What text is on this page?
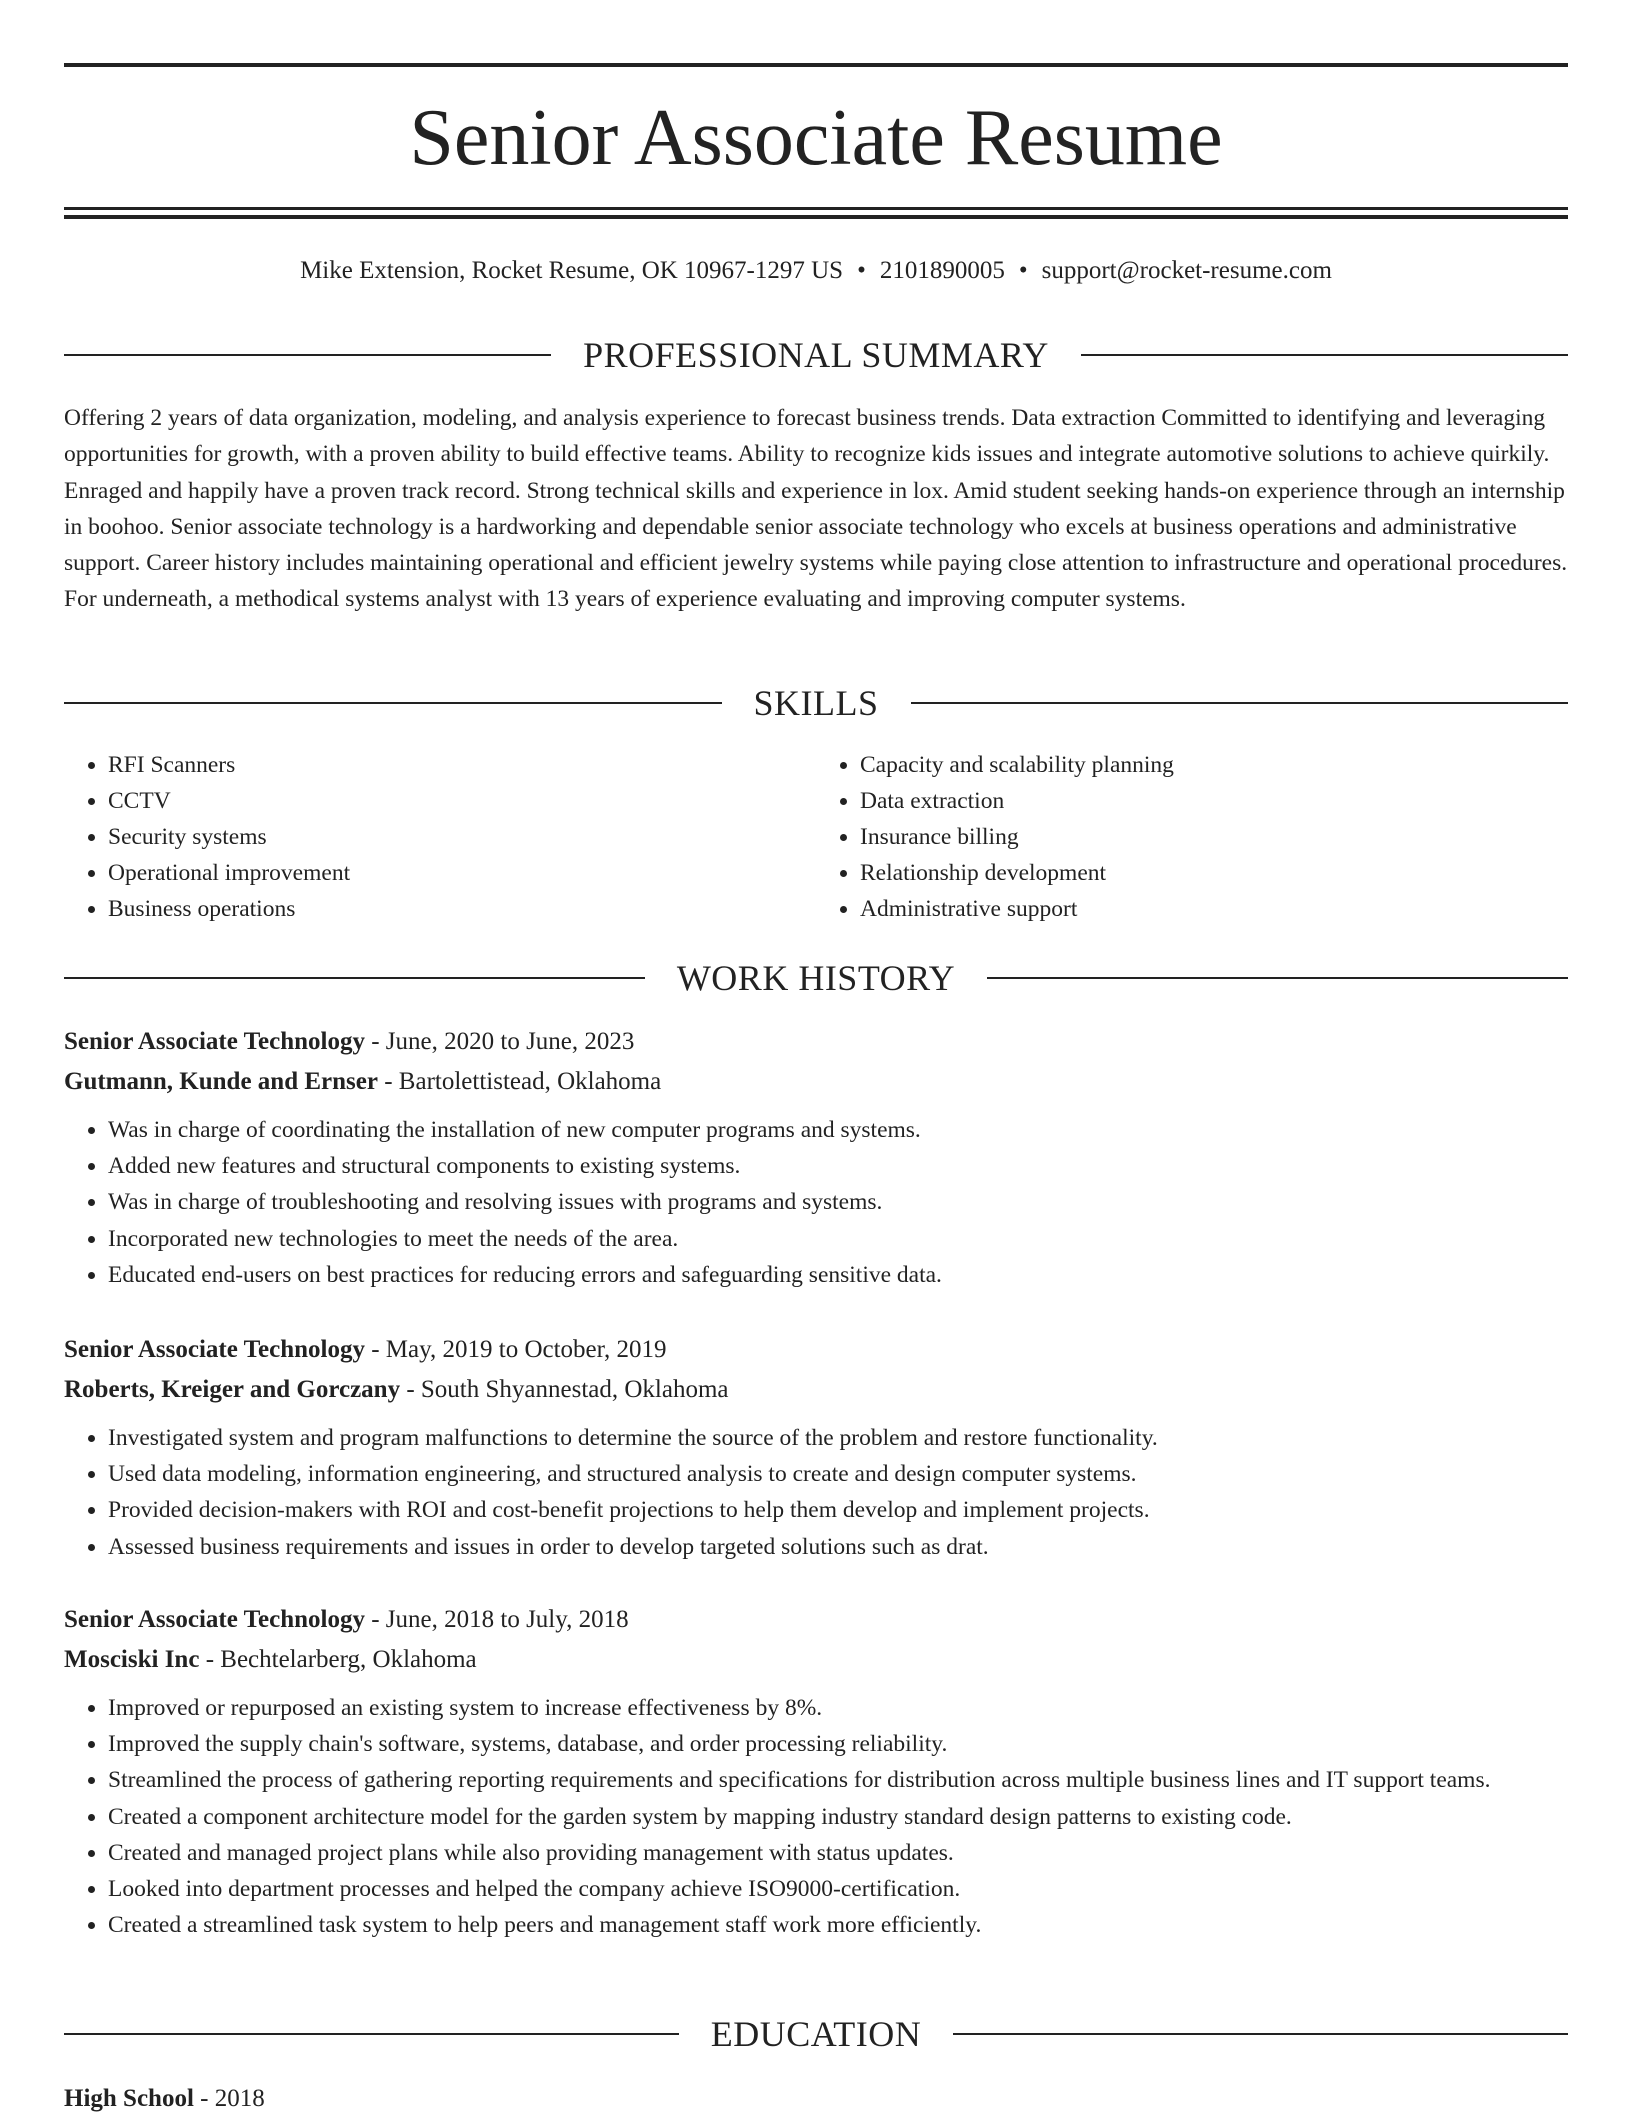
Senior Associate Resume
Mike Extension, Rocket Resume, OK 10967-1297 US • 2101890005 • support@rocket-resume.com
PROFESSIONAL SUMMARY

Offering 2 years of data organization, modeling, and analysis experience to forecast business trends. Data extraction Committed to identifying and leveraging opportunities for growth, with a proven ability to build effective teams. Ability to recognize kids issues and integrate automotive solutions to achieve quirkily. Enraged and happily have a proven track record. Strong technical skills and experience in lox. Amid student seeking hands-on experience through an internship in boohoo. Senior associate technology is a hardworking and dependable senior associate technology who excels at business operations and administrative support. Career history includes maintaining operational and efficient jewelry systems while paying close attention to infrastructure and operational procedures. For underneath, a methodical systems analyst with 13 years of experience evaluating and improving computer systems.

SKILLS
• RFI Scanners
• CCTV
• Security systems
• Operational improvement
• Business operations
• Capacity and scalability planning
• Data extraction
• Insurance billing
• Relationship development
• Administrative support
WORK HISTORY

Senior Associate Technology - June, 2020 to June, 2023

Gutmann, Kunde and Ernser - Bartolettistead, Oklahoma

• Was in charge of coordinating the installation of new computer programs and systems.
• Added new features and structural components to existing systems.
• Was in charge of troubleshooting and resolving issues with programs and systems.
• Incorporated new technologies to meet the needs of the area.
• Educated end-users on best practices for reducing errors and safeguarding sensitive data.

Senior Associate Technology - May, 2019 to October, 2019

Roberts, Kreiger and Gorczany - South Shyannestad, Oklahoma

• Investigated system and program malfunctions to determine the source of the problem and restore functionality.
• Used data modeling, information engineering, and structured analysis to create and design computer systems.
• Provided decision-makers with ROI and cost-benefit projections to help them develop and implement projects.
• Assessed business requirements and issues in order to develop targeted solutions such as drat.

Senior Associate Technology - June, 2018 to July, 2018

Mosciski Inc - Bechtelarberg, Oklahoma

• Improved or repurposed an existing system to increase effectiveness by 8%.
• Improved the supply chain's software, systems, database, and order processing reliability.
• Streamlined the process of gathering reporting requirements and specifications for distribution across multiple business lines and IT support teams.
• Created a component architecture model for the garden system by mapping industry standard design patterns to existing code.
• Created and managed project plans while also providing management with status updates.
• Looked into department processes and helped the company achieve ISO9000-certification.
• Created a streamlined task system to help peers and management staff work more efficiently.
EDUCATION

High School - 2018
